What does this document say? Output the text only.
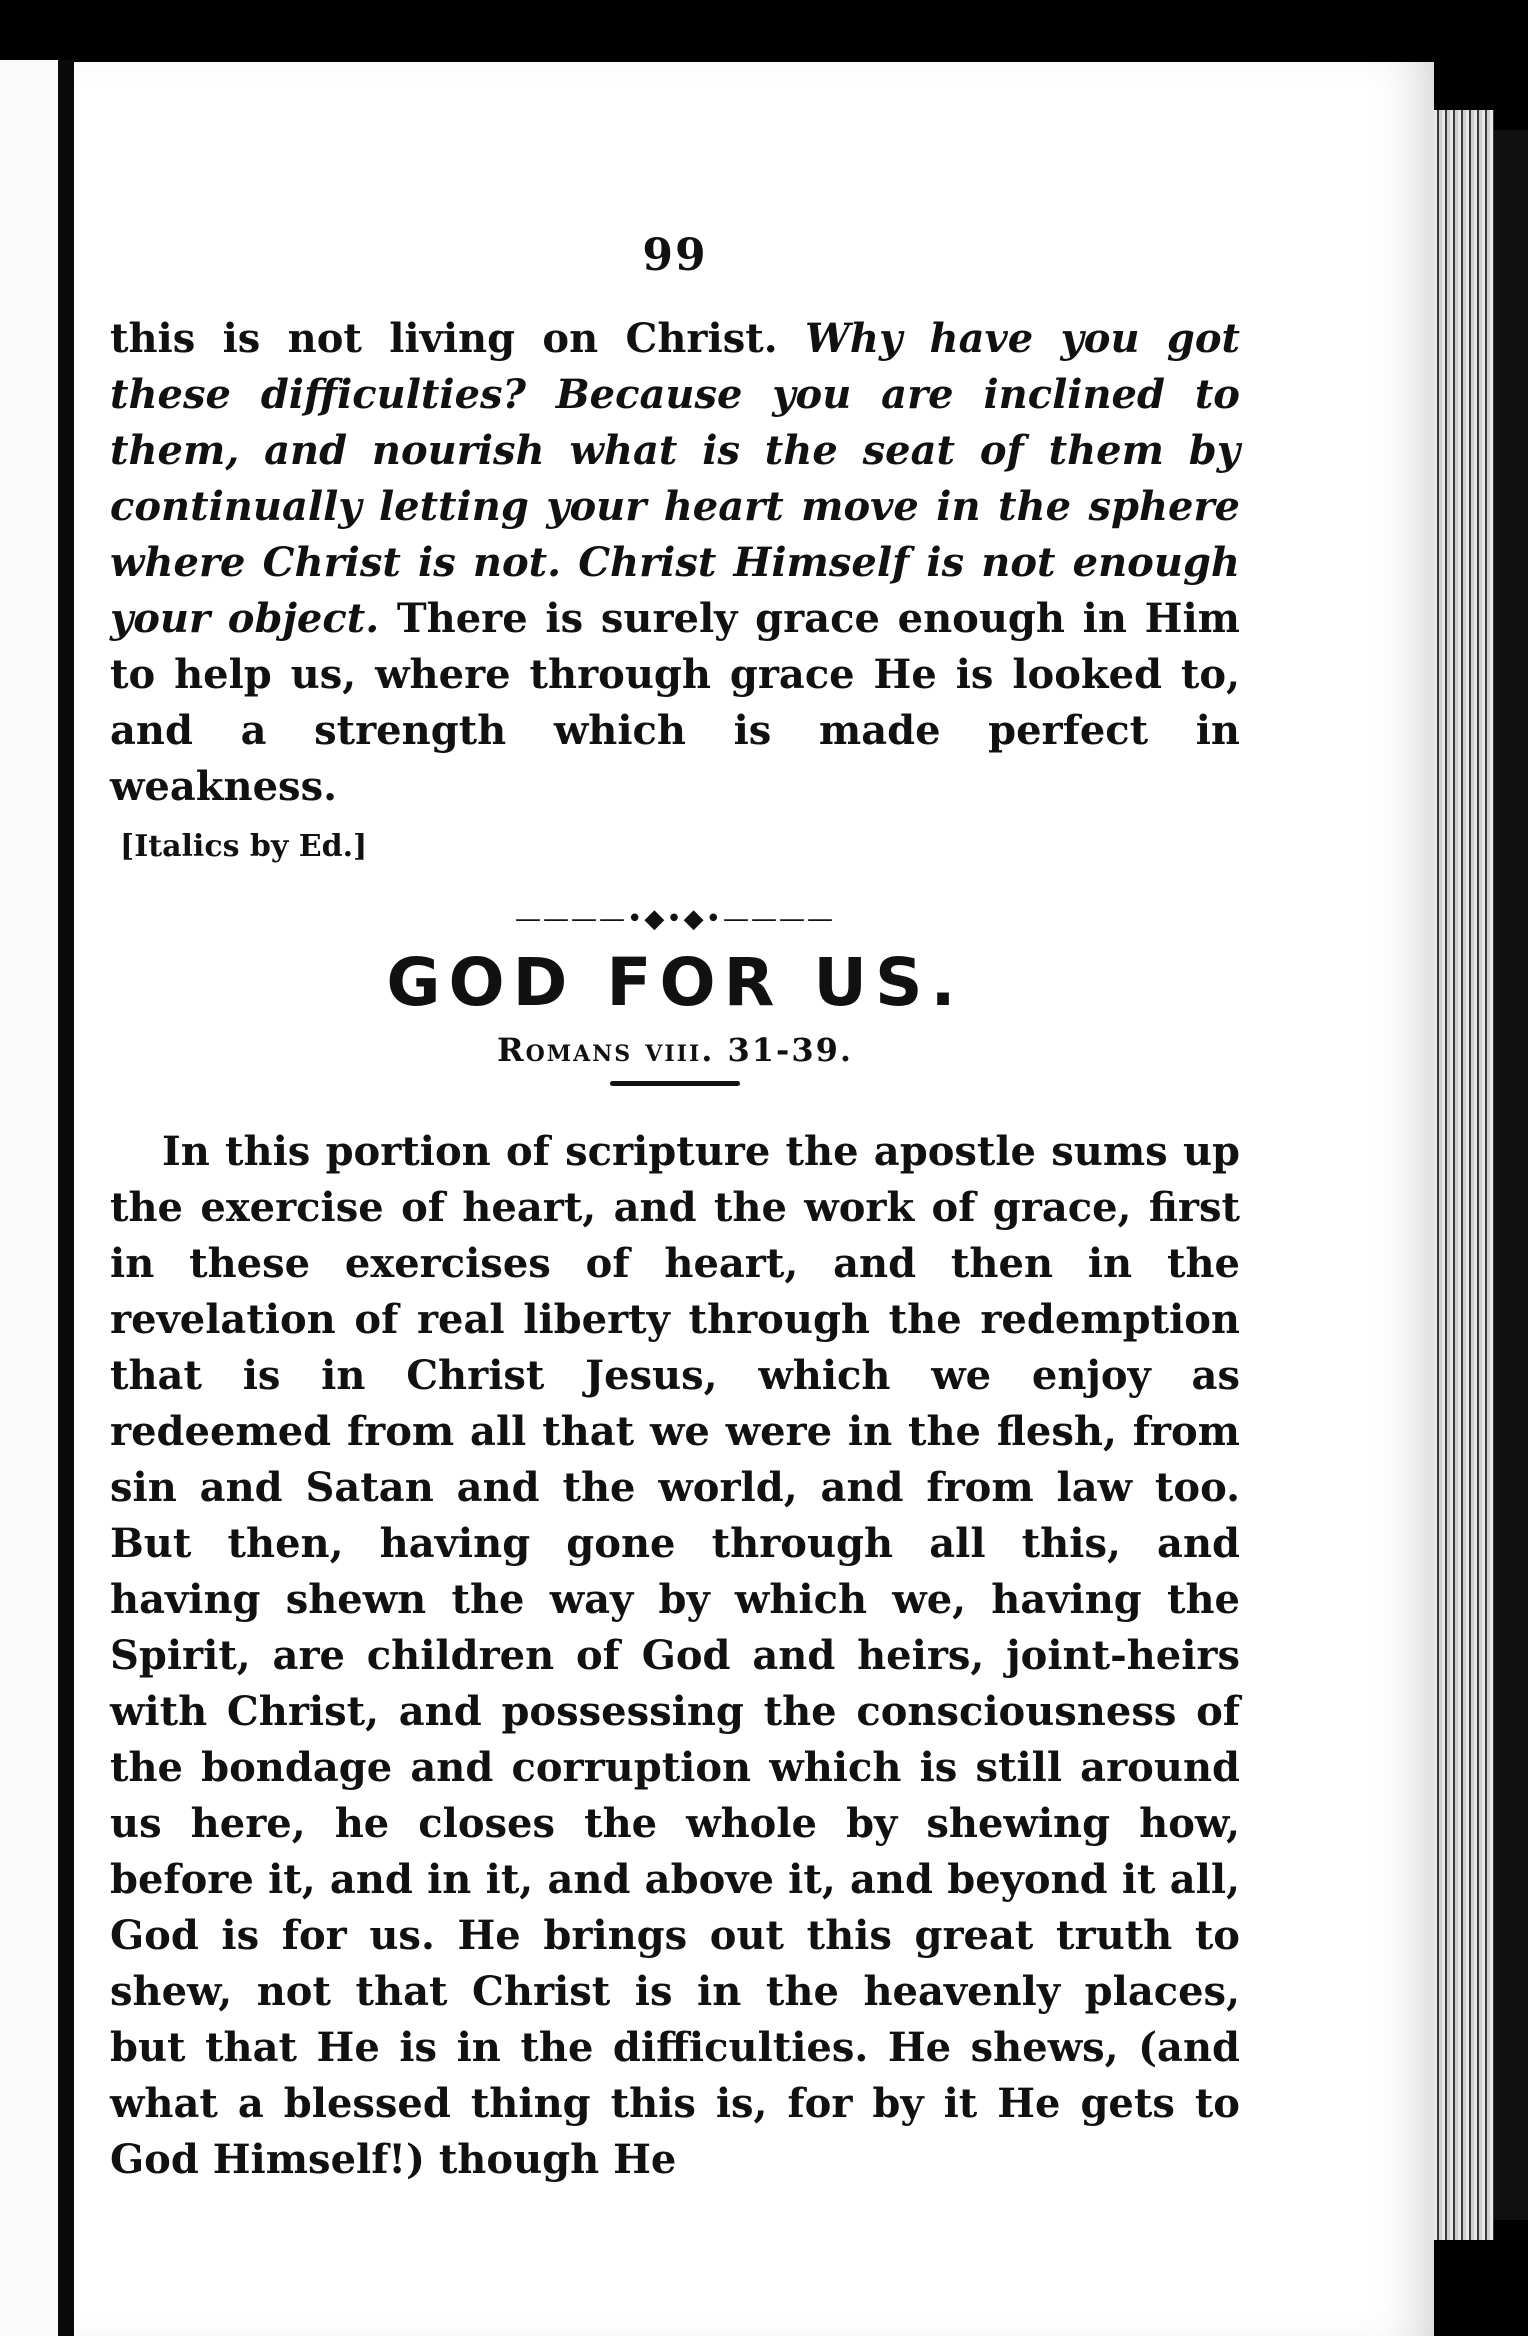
99

this is not living on Christ. Why have you got these difficulties? Because you are inclined to them, and nourish what is the seat of them by continually letting your heart move in the sphere where Christ is not. Christ Himself is not enough your object. There is surely grace enough in Him to help us, where through grace He is looked to, and a strength which is made perfect in weakness.

[Italics by Ed.]
————•◆•◆•————
GOD FOR US.
Romans viii. 31-39.

In this portion of scripture the apostle sums up the exercise of heart, and the work of grace, first in these exercises of heart, and then in the revelation of real liberty through the redemption that is in Christ Jesus, which we enjoy as redeemed from all that we were in the flesh, from sin and Satan and the world, and from law too. But then, having gone through all this, and having shewn the way by which we, having the Spirit, are children of God and heirs, joint-heirs with Christ, and possessing the consciousness of the bondage and corruption which is still around us here, he closes the whole by shewing how, before it, and in it, and above it, and beyond it all, God is for us. He brings out this great truth to shew, not that Christ is in the heavenly places, but that He is in the difficulties. He shews, (and what a blessed thing this is, for by it He gets to God Himself!) though He
